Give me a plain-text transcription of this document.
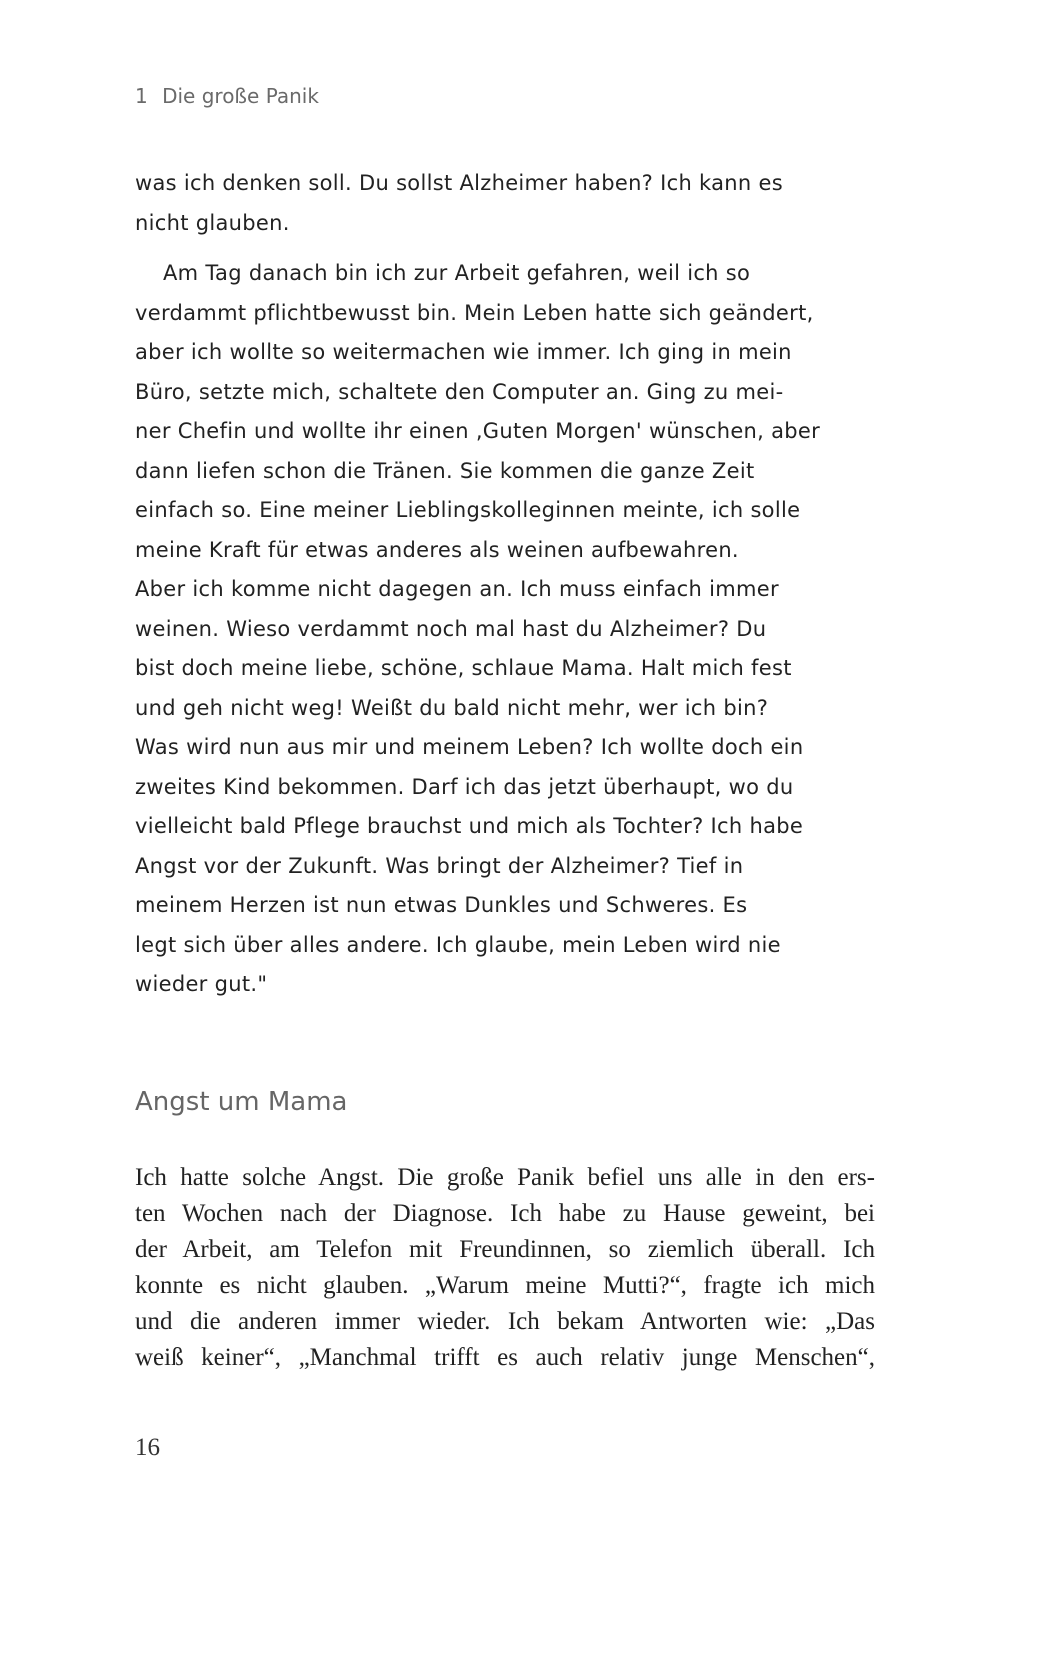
1 Die große Panik
was ich denken soll. Du sollst Alzheimer haben? Ich kann es
nicht glauben.
Am Tag danach bin ich zur Arbeit gefahren, weil ich so
verdammt pflichtbewusst bin. Mein Leben hatte sich geändert,
aber ich wollte so weitermachen wie immer. Ich ging in mein
Büro, setzte mich, schaltete den Computer an. Ging zu mei-
ner Chefin und wollte ihr einen ‚Guten Morgen' wünschen, aber
dann liefen schon die Tränen. Sie kommen die ganze Zeit
einfach so. Eine meiner Lieblingskolleginnen meinte, ich solle
meine Kraft für etwas anderes als weinen aufbewahren.
Aber ich komme nicht dagegen an. Ich muss einfach immer
weinen. Wieso verdammt noch mal hast du Alzheimer? Du
bist doch meine liebe, schöne, schlaue Mama. Halt mich fest
und geh nicht weg! Weißt du bald nicht mehr, wer ich bin?
Was wird nun aus mir und meinem Leben? Ich wollte doch ein
zweites Kind bekommen. Darf ich das jetzt überhaupt, wo du
vielleicht bald Pflege brauchst und mich als Tochter? Ich habe
Angst vor der Zukunft. Was bringt der Alzheimer? Tief in
meinem Herzen ist nun etwas Dunkles und Schweres. Es
legt sich über alles andere. Ich glaube, mein Leben wird nie
wieder gut."
Angst um Mama
Ich hatte solche Angst. Die große Panik befiel uns alle in den ers-
ten Wochen nach der Diagnose. Ich habe zu Hause geweint, bei
der Arbeit, am Telefon mit Freundinnen, so ziemlich überall. Ich
konnte es nicht glauben. „Warum meine Mutti?“, fragte ich mich
und die anderen immer wieder. Ich bekam Antworten wie: „Das
weiß keiner“, „Manchmal trifft es auch relativ junge Menschen“,
16
